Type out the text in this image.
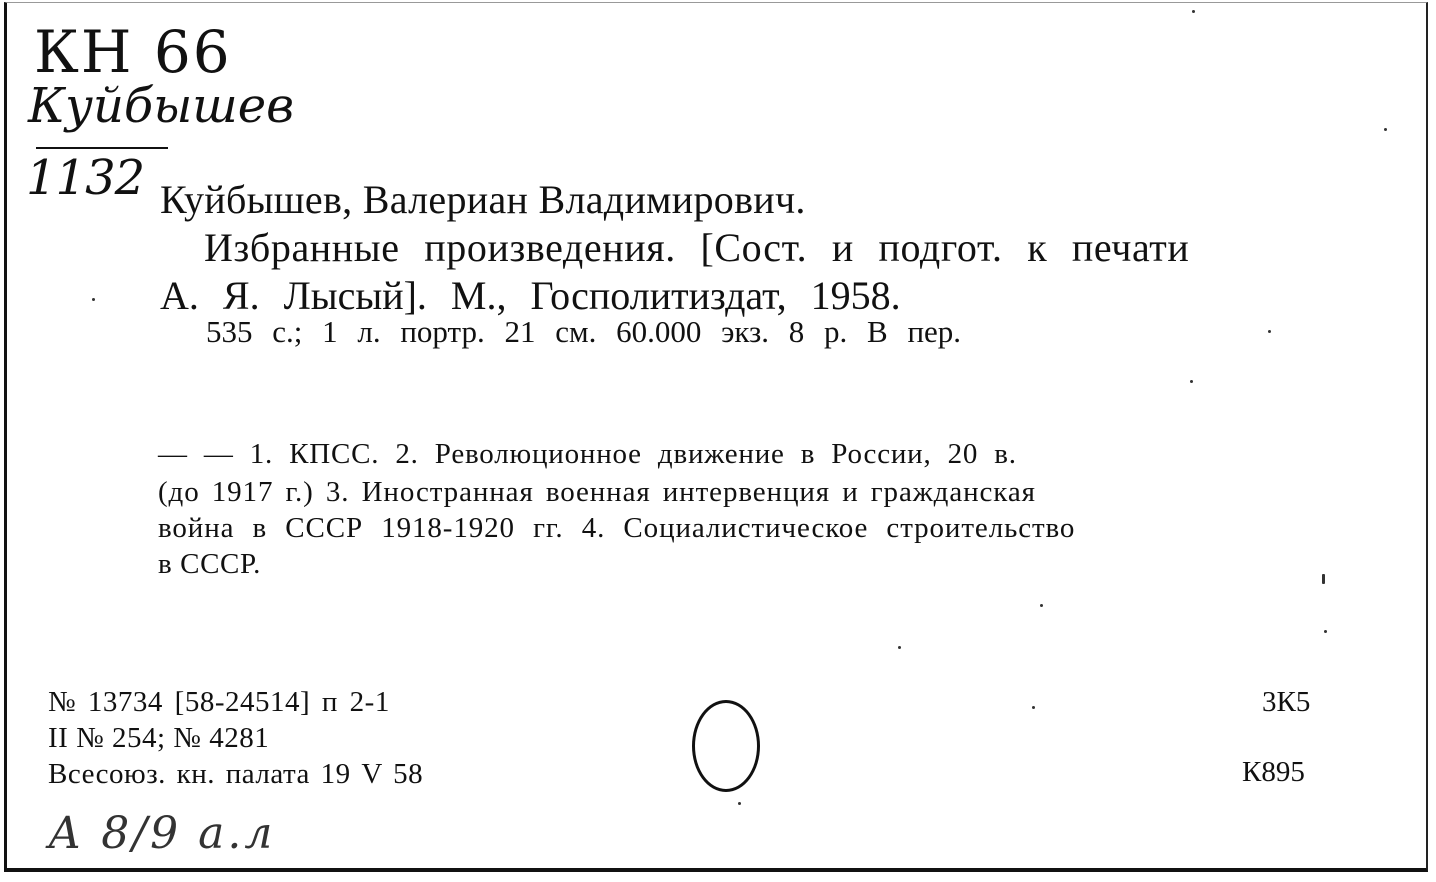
КН 66
Куйбышев
1132 Куйбышев, Валериан Владимирович.
Избранные произведения. [Сост. и подгот. к печати
А. Я. Лысый]. М., Госполитиздат, 1958.
535 с.; 1 л. портр. 21 см. 60.000 экз. 8 р. В пер.
— — 1. КПСС. 2. Революционное движение в России, 20 в.
(до 1917 г.) 3. Иностранная военная интервенция и гражданская
война в СССР 1918-1920 гг. 4. Социалистическое строительство
в СССР.
№ 13734 [58-24514] п 2-1
II № 254; № 4281
Всесоюз. кн. палата 19 V 58
3К5
К895
А 8/9 а.л
